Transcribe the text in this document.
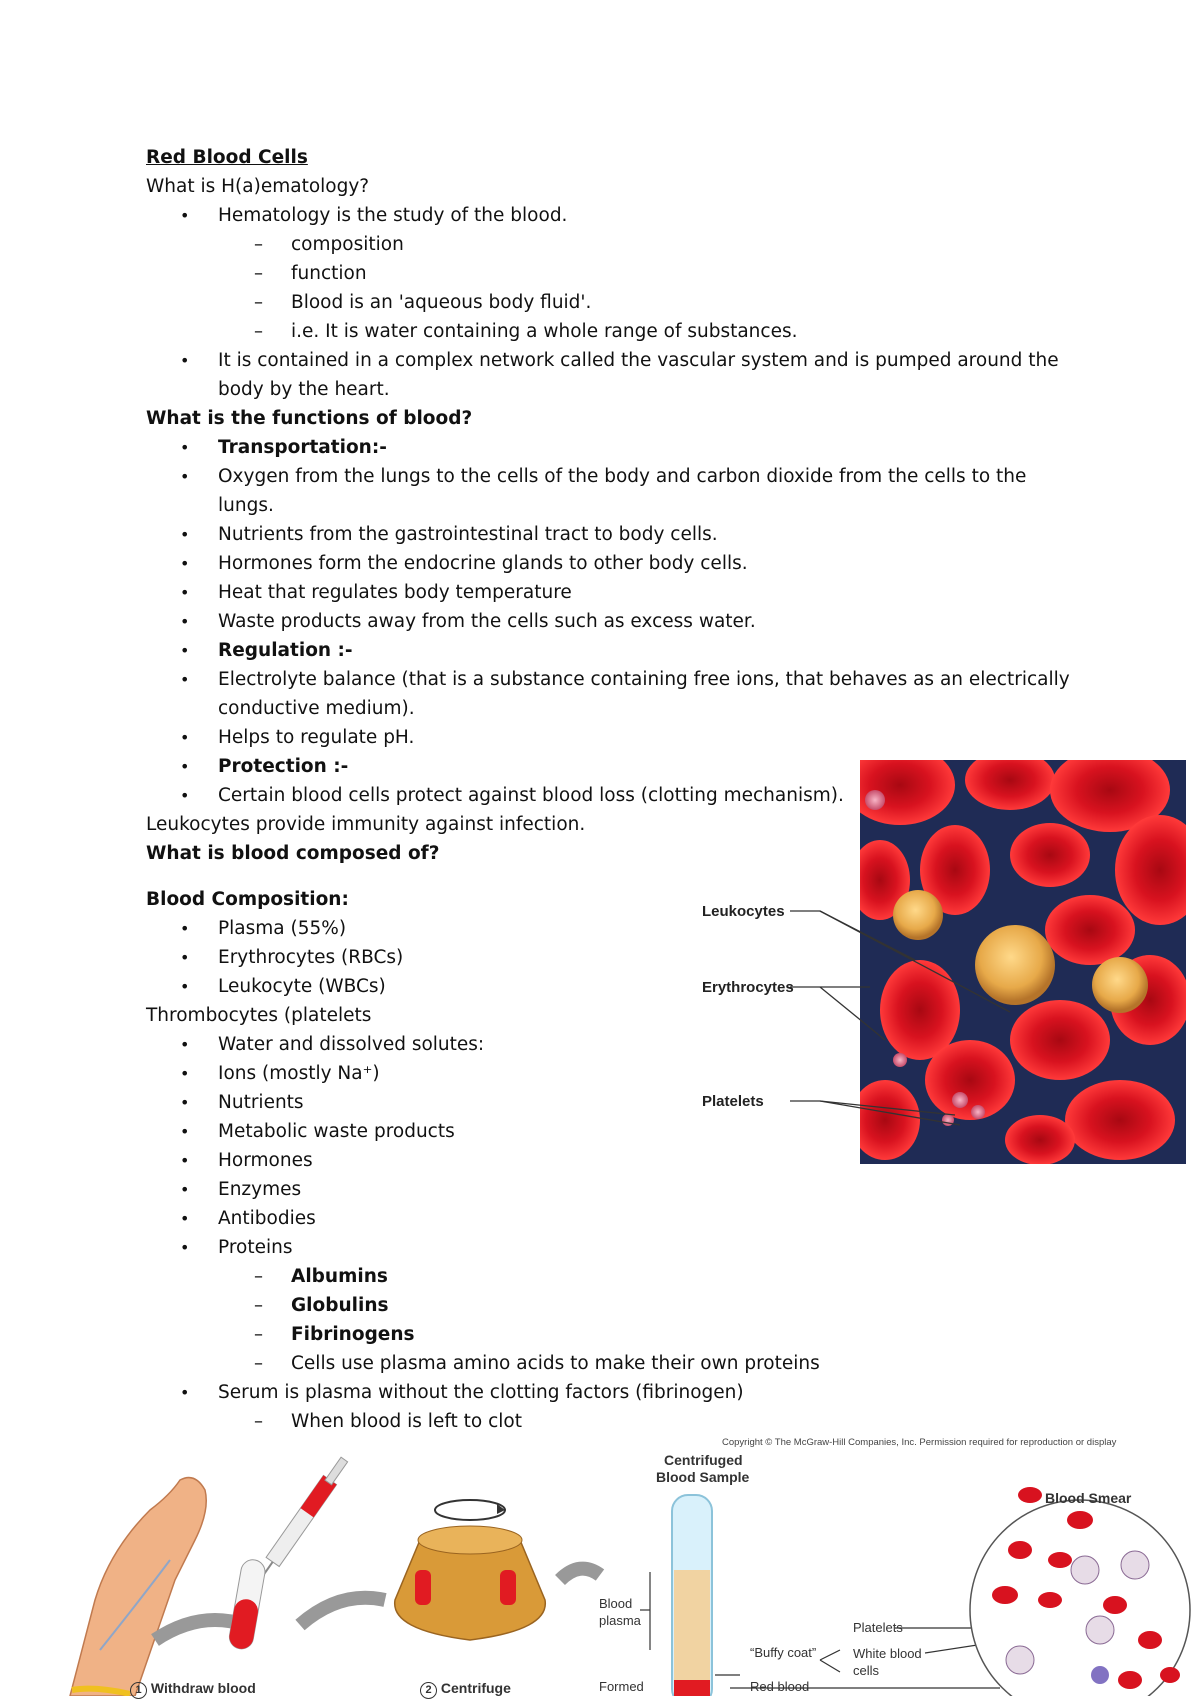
Red Blood Cells
What is H(a)ematology?
• Hematology is the study of the blood.
– composition
– function
– Blood is an 'aqueous body fluid'.
– i.e. It is water containing a whole range of substances.
• It is contained in a complex network called the vascular system and is pumped around the
body by the heart.
What is the functions of blood?
• Transportation:-
• Oxygen from the lungs to the cells of the body and carbon dioxide from the cells to the
lungs.
• Nutrients from the gastrointestinal tract to body cells.
• Hormones form the endocrine glands to other body cells.
• Heat that regulates body temperature
• Waste products away from the cells such as excess water.
• Regulation :-
• Electrolyte balance (that is a substance containing free ions, that behaves as an electrically
conductive medium).
• Helps to regulate pH.
• Protection :-
• Certain blood cells protect against blood loss (clotting mechanism).
Leukocytes provide immunity against infection.
What is blood composed of?
Blood Composition:
• Plasma (55%)
• Erythrocytes (RBCs)
• Leukocyte (WBCs)
Thrombocytes (platelets
• Water and dissolved solutes:
• Ions (mostly Na⁺)
• Nutrients
• Metabolic waste products
• Hormones
• Enzymes
• Antibodies
• Proteins
– Albumins
– Globulins
– Fibrinogens
– Cells use plasma amino acids to make their own proteins
• Serum is plasma without the clotting factors (fibrinogen)
– When blood is left to clot
Leukocytes
Erythrocytes
Platelets
Copyright © The McGraw-Hill Companies, Inc. Permission required for reproduction or display
Centrifuged
Blood Sample
Blood Smear
Blood
plasma
“Buffy coat”
Platelets
White blood
cells
Formed	Red blood
1 Withdraw blood	2 Centrifuge
